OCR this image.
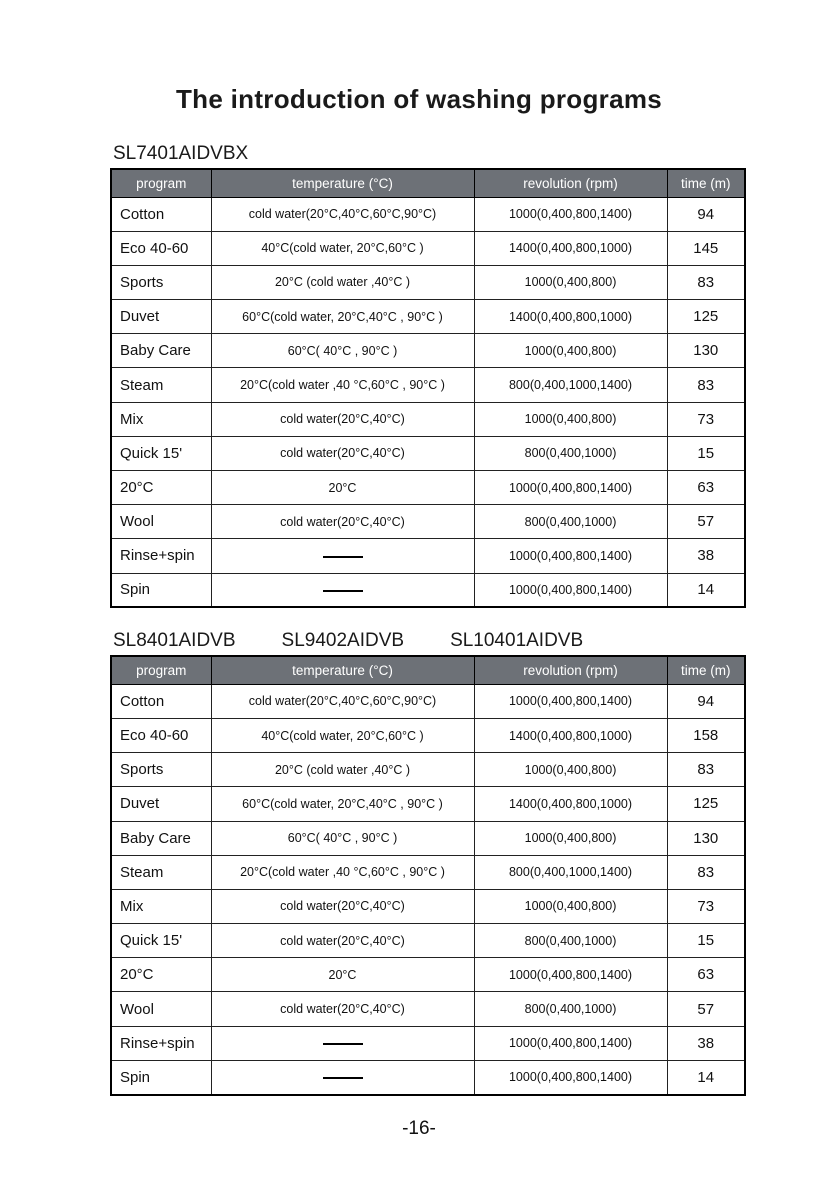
The introduction of washing programs
SL7401AIDVBX
program	temperature (°C)	revolution (rpm)	time (m)
Cotton	cold water(20°C,40°C,60°C,90°C)	1000(0,400,800,1400)	94
Eco 40-60	40°C(cold water, 20°C,60°C )	1400(0,400,800,1000)	145
Sports	20°C (cold water ,40°C )	1000(0,400,800)	83
Duvet	60°C(cold water, 20°C,40°C , 90°C )	1400(0,400,800,1000)	125
Baby Care	60°C( 40°C , 90°C )	1000(0,400,800)	130
Steam	20°C(cold water ,40 °C,60°C , 90°C )	800(0,400,1000,1400)	83
Mix	cold water(20°C,40°C)	1000(0,400,800)	73
Quick 15'	cold water(20°C,40°C)	800(0,400,1000)	15
20°C	20°C	1000(0,400,800,1400)	63
Wool	cold water(20°C,40°C)	800(0,400,1000)	57
Rinse+spin		1000(0,400,800,1400)	38
Spin		1000(0,400,800,1400)	14
SL8401AIDVB SL9402AIDVB SL10401AIDVB
program	temperature (°C)	revolution (rpm)	time (m)
Cotton	cold water(20°C,40°C,60°C,90°C)	1000(0,400,800,1400)	94
Eco 40-60	40°C(cold water, 20°C,60°C )	1400(0,400,800,1000)	158
Sports	20°C (cold water ,40°C )	1000(0,400,800)	83
Duvet	60°C(cold water, 20°C,40°C , 90°C )	1400(0,400,800,1000)	125
Baby Care	60°C( 40°C , 90°C )	1000(0,400,800)	130
Steam	20°C(cold water ,40 °C,60°C , 90°C )	800(0,400,1000,1400)	83
Mix	cold water(20°C,40°C)	1000(0,400,800)	73
Quick 15'	cold water(20°C,40°C)	800(0,400,1000)	15
20°C	20°C	1000(0,400,800,1400)	63
Wool	cold water(20°C,40°C)	800(0,400,1000)	57
Rinse+spin		1000(0,400,800,1400)	38
Spin		1000(0,400,800,1400)	14
-16-
